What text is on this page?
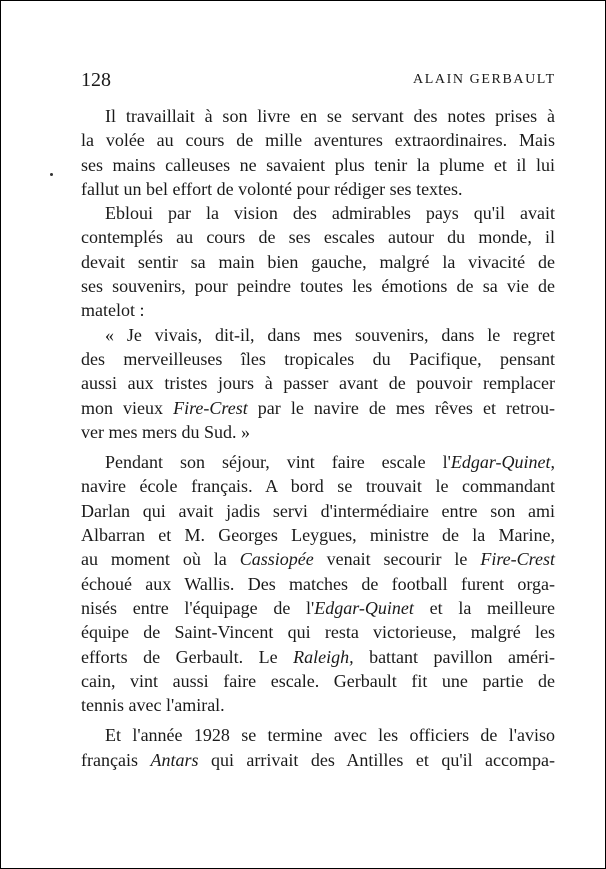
128	ALAIN GERBAULT
Il travaillait à son livre en se servant des notes prises à
la volée au cours de mille aventures extraordinaires. Mais
ses mains calleuses ne savaient plus tenir la plume et il lui
fallut un bel effort de volonté pour rédiger ses textes.
Ebloui par la vision des admirables pays qu'il avait
contemplés au cours de ses escales autour du monde, il
devait sentir sa main bien gauche, malgré la vivacité de
ses souvenirs, pour peindre toutes les émotions de sa vie de
matelot :
« Je vivais, dit-il, dans mes souvenirs, dans le regret
des merveilleuses îles tropicales du Pacifique, pensant
aussi aux tristes jours à passer avant de pouvoir remplacer
mon vieux Fire-Crest par le navire de mes rêves et retrou-
ver mes mers du Sud. »
Pendant son séjour, vint faire escale l'Edgar-Quinet,
navire école français. A bord se trouvait le commandant
Darlan qui avait jadis servi d'intermédiaire entre son ami
Albarran et M. Georges Leygues, ministre de la Marine,
au moment où la Cassiopée venait secourir le Fire-Crest
échoué aux Wallis. Des matches de football furent orga-
nisés entre l'équipage de l'Edgar-Quinet et la meilleure
équipe de Saint-Vincent qui resta victorieuse, malgré les
efforts de Gerbault. Le Raleigh, battant pavillon améri-
cain, vint aussi faire escale. Gerbault fit une partie de
tennis avec l'amiral.
Et l'année 1928 se termine avec les officiers de l'aviso
français Antars qui arrivait des Antilles et qu'il accompa-
